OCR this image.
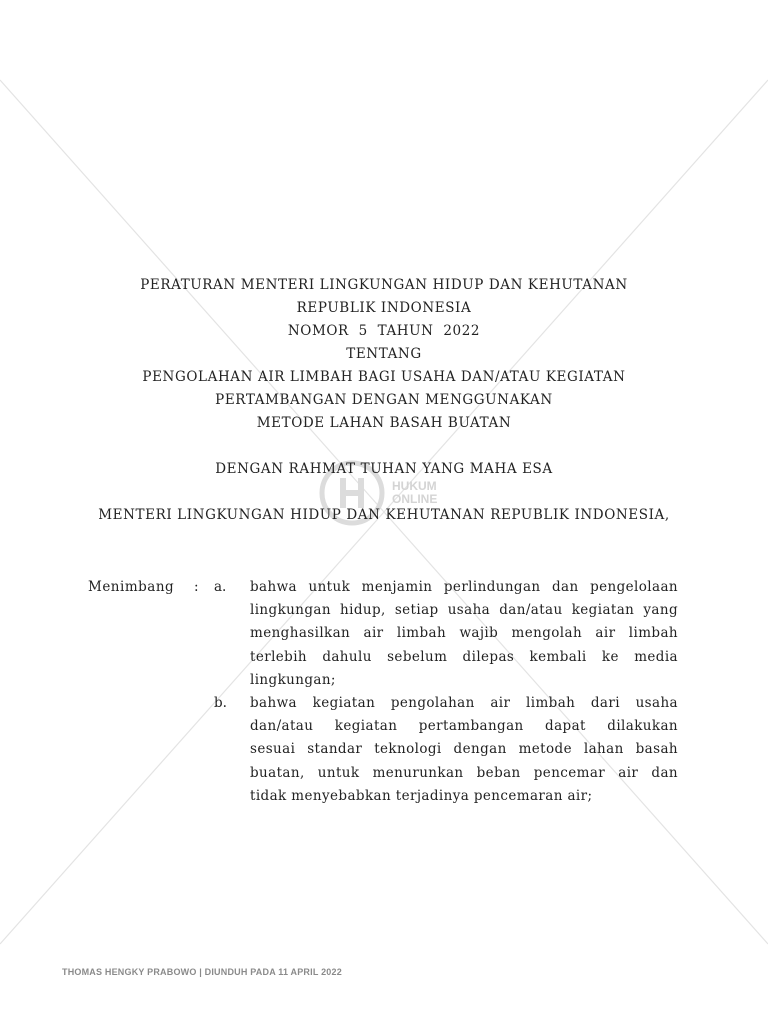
HUKUM
ONLINE
PERATURAN MENTERI LINGKUNGAN HIDUP DAN KEHUTANAN
REPUBLIK INDONESIA
NOMOR  5  TAHUN  2022
TENTANG
PENGOLAHAN AIR LIMBAH BAGI USAHA DAN/ATAU KEGIATAN
PERTAMBANGAN DENGAN MENGGUNAKAN
METODE LAHAN BASAH BUATAN
DENGAN RAHMAT TUHAN YANG MAHA ESA
MENTERI LINGKUNGAN HIDUP DAN KEHUTANAN REPUBLIK INDONESIA,
Menimbang : a. bahwa untuk menjamin perlindungan dan pengelolaan
lingkungan hidup, setiap usaha dan/atau kegiatan yang
menghasilkan air limbah wajib mengolah air limbah
terlebih dahulu sebelum dilepas kembali ke media
lingkungan;
b. bahwa kegiatan pengolahan air limbah dari usaha
dan/atau kegiatan pertambangan dapat dilakukan
sesuai standar teknologi dengan metode lahan basah
buatan, untuk menurunkan beban pencemar air dan
tidak menyebabkan terjadinya pencemaran air;
THOMAS HENGKY PRABOWO | DIUNDUH PADA 11 APRIL 2022
